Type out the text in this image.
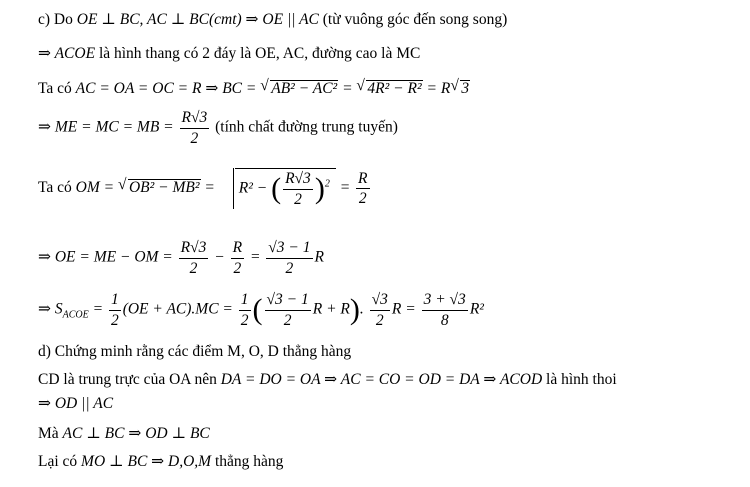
c) Do OE ⊥ BC, AC ⊥ BC(cmt) ⇒ OE || AC (từ vuông góc đến song song)
⇒ ACOE là hình thang có 2 đáy là OE, AC, đường cao là MC
Ta có AC = OA = OC = R ⇒ BC = √ AB² − AC² = √ 4R² − R² = R √ 3
⇒ ME = MC = MB = $\frac{R√3}{2}$ (tính chất đường trung tuyến)
Ta có OM = √ OB² − MB² = R² − ( $\frac{R√3}{2} )^2 = \frac{R}{2}$
⇒ OE = ME − OM = $\frac{R√3}{2} - \frac{R}{2} = \frac{√3 - 1}{2}$ R
⇒ $S_{ACOE} = \frac{1}{2} (OE + AC).MC = \frac{1}{2}$ ( $\frac{√3 - 1}{2}$ R + R). $\frac{√3}{2}$ $R = \frac{3 + √3}{8} R^2$
d) Chứng minh rằng các điểm M, O, D thẳng hàng
CD là trung trực của OA nên DA = DO = OA ⇒ AC = CO = OD = DA ⇒ ACOD là hình thoi
⇒ OD || AC
Mà AC ⊥ BC ⇒ OD ⊥ BC
Lại có MO ⊥ BC ⇒ D,O,M thẳng hàng
